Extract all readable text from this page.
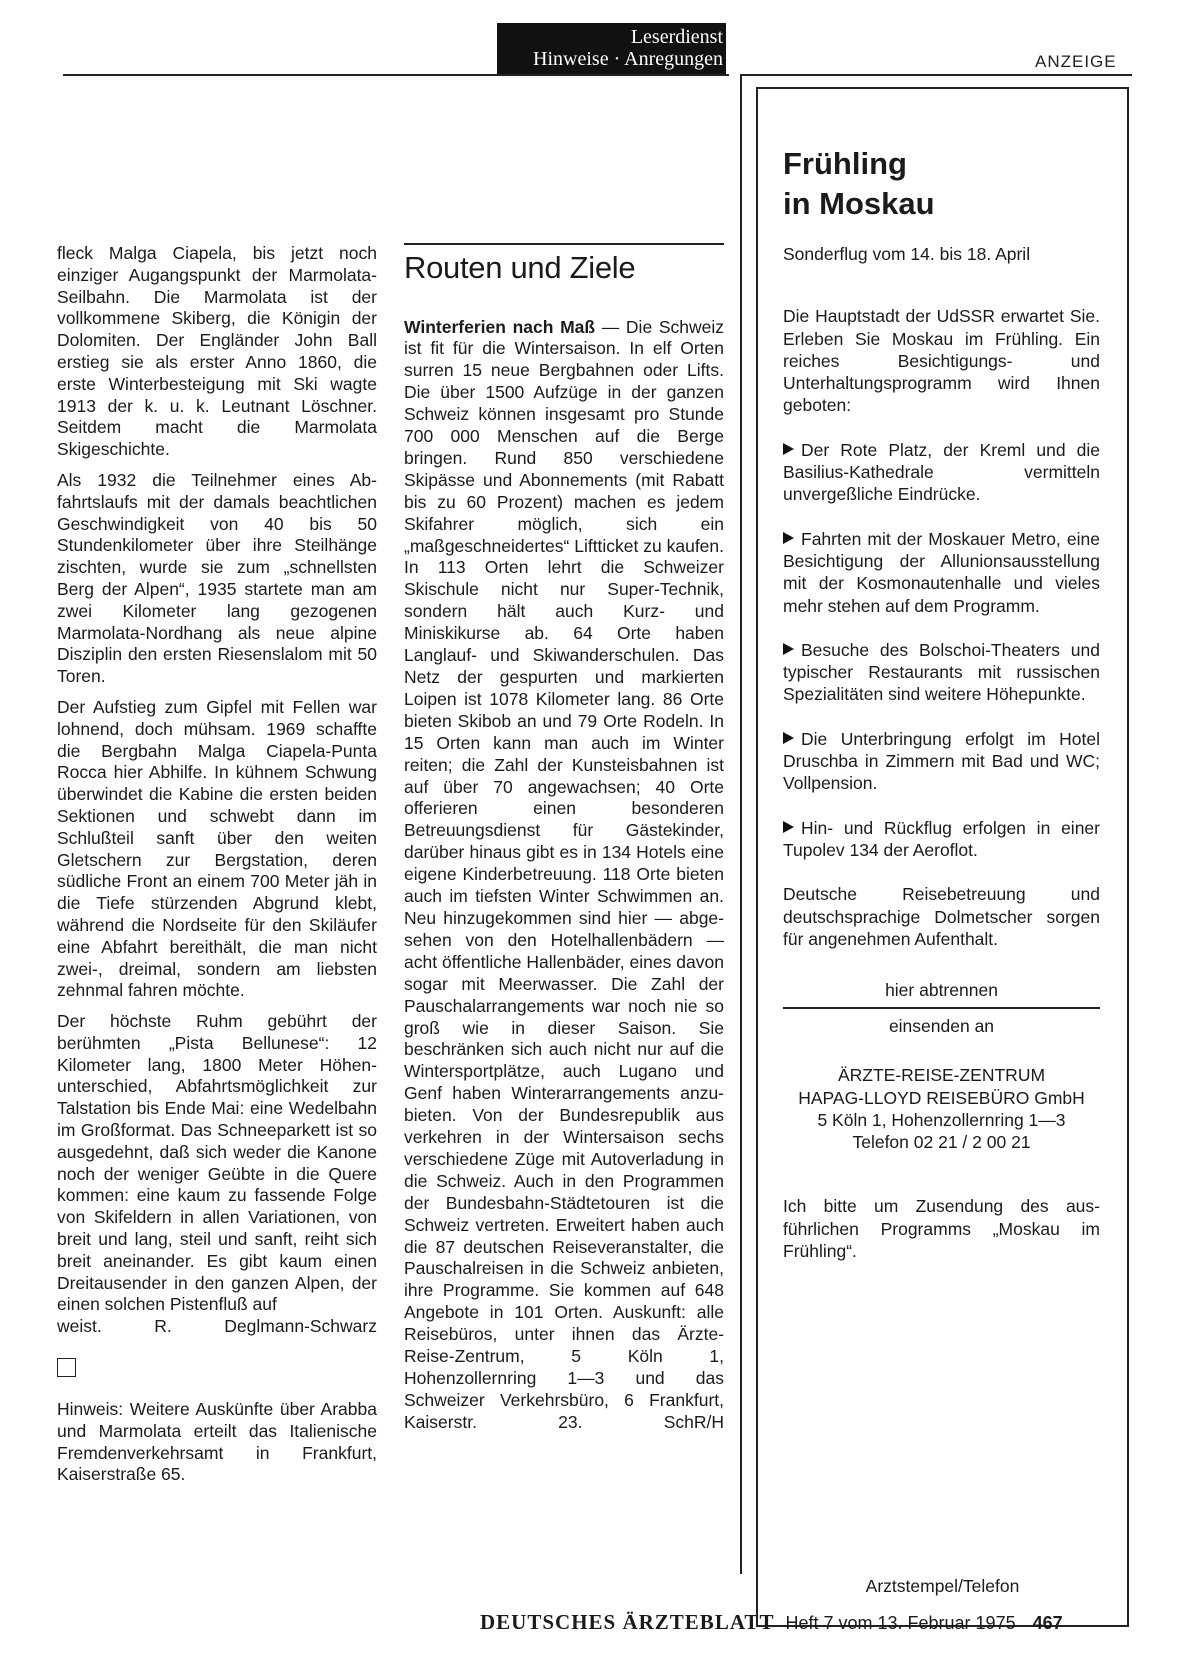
Leserdienst
Hinweise · Anregungen	ANZEIGE

fleck Malga Ciapela, bis jetzt noch einziger Augangspunkt der Marmolata-Seilbahn. Die Marmolata ist der vollkommene Skiberg, die Königin der Dolomiten. Der Engländer John Ball erstieg sie als erster Anno 1860, die erste Winterbesteigung mit Ski wagte 1913 der k. u. k. Leutnant Löschner. Seitdem macht die Marmolata Skigeschichte.

Als 1932 die Teilnehmer eines Abfahrtslaufs mit der damals beachtlichen Geschwindigkeit von 40 bis 50 Stundenkilometer über ihre Steilhänge zischten, wurde sie zum „schnellsten Berg der Alpen“, 1935 startete man am zwei Kilometer lang gezogenen Marmolata-Nordhang als neue alpine Disziplin den ersten Riesenslalom mit 50 Toren.

Der Aufstieg zum Gipfel mit Fellen war lohnend, doch mühsam. 1969 schaffte die Bergbahn Malga Ciapela-Punta Rocca hier Abhilfe. In kühnem Schwung überwindet die Kabine die ersten beiden Sektionen und schwebt dann im Schlußteil sanft über den weiten Gletschern zur Bergstation, deren südliche Front an einem 700 Meter jäh in die Tiefe stürzenden Abgrund klebt, während die Nordseite für den Skiläufer eine Abfahrt bereithält, die man nicht zwei-, dreimal, sondern am liebsten zehnmal fahren möchte.

Der höchste Ruhm gebührt der berühmten „Pista Bellunese“: 12 Kilometer lang, 1800 Meter Höhenunterschied, Abfahrtsmöglichkeit zur Talstation bis Ende Mai: eine Wedelbahn im Großformat. Das Schneeparkett ist so ausgedehnt, daß sich weder die Kanone noch der weniger Geübte in die Quere kommen: eine kaum zu fassende Folge von Skifeldern in allen Variationen, von breit und lang, steil und sanft, reiht sich breit aneinander. Es gibt kaum einen Dreitausender in den ganzen Alpen, der einen solchen Pistenfluß auf

weist.	R. Deglmann-Schwarz

Hinweis: Weitere Auskünfte über Arabba und Marmolata erteilt das Italienische Fremdenverkehrsamt in Frankfurt, Kaiserstraße 65.

Routen und Ziele

Winterferien nach Maß — Die Schweiz ist fit für die Wintersaison. In elf Orten surren 15 neue Bergbahnen oder Lifts. Die über 1500 Aufzüge in der ganzen Schweiz können insgesamt pro Stunde 700 000 Menschen auf die Berge bringen. Rund 850 verschiedene Skipässe und Abonnements (mit Rabatt bis zu 60 Prozent) machen es jedem Skifahrer möglich, sich ein „maßgeschneidertes“ Liftticket zu kaufen. In 113 Orten lehrt die Schweizer Skischule nicht nur Super-Technik, sondern hält auch Kurz- und Miniskikurse ab. 64 Orte haben Langlauf- und Skiwanderschulen. Das Netz der gespurten und markierten Loipen ist 1078 Kilometer lang. 86 Orte bieten Skibob an und 79 Orte Rodeln. In 15 Orten kann man auch im Winter reiten; die Zahl der Kunsteisbahnen ist auf über 70 angewachsen; 40 Orte offerieren einen besonderen Betreuungsdienst für Gästekinder, darüber hinaus gibt es in 134 Hotels eine eigene Kinderbetreuung. 118 Orte bieten auch im tiefsten Winter Schwimmen an. Neu hinzugekommen sind hier — abgesehen von den Hotelhallenbädern — acht öffentliche Hallenbäder, eines davon sogar mit Meerwasser. Die Zahl der Pauschalarrangements war noch nie so groß wie in dieser Saison. Sie beschränken sich auch nicht nur auf die Wintersportplätze, auch Lugano und Genf haben Winterarrangements anzubieten. Von der Bundesrepublik aus verkehren in der Wintersaison sechs verschiedene Züge mit Autoverladung in die Schweiz. Auch in den Programmen der Bundesbahn-Städtetouren ist die Schweiz vertreten. Erweitert haben auch die 87 deutschen Reiseveranstalter, die Pauschalreisen in die Schweiz anbieten, ihre Programme. Sie kommen auf 648 Angebote in 101 Orten. Auskunft: alle Reisebüros, unter ihnen das Ärzte-Reise-Zentrum, 5 Köln 1, Hohenzollernring 1—3 und das Schweizer Verkehrsbüro, 6 Frankfurt, Kaiserstr. 23. SchR/H

Frühling
in Moskau

Sonderflug vom 14. bis 18. April

Die Hauptstadt der UdSSR erwartet Sie. Erleben Sie Moskau im Frühling. Ein reiches Besichtigungs- und Unterhaltungsprogramm wird Ihnen geboten:

Der Rote Platz, der Kreml und die Basilius-Kathedrale vermitteln unvergeßliche Eindrücke.

Fahrten mit der Moskauer Metro, eine Besichtigung der Allunionsausstellung mit der Kosmonautenhalle und vieles mehr stehen auf dem Programm.

Besuche des Bolschoi-Theaters und typischer Restaurants mit russischen Spezialitäten sind weitere Höhepunkte.

Die Unterbringung erfolgt im Hotel Druschba in Zimmern mit Bad und WC; Vollpension.

Hin- und Rückflug erfolgen in einer Tupolev 134 der Aeroflot.

Deutsche Reisebetreuung und deutschsprachige Dolmetscher sorgen für angenehmen Aufenthalt.

hier abtrennen

einsenden an

ÄRZTE-REISE-ZENTRUM

HAPAG-LLOYD REISEBÜRO GmbH

5 Köln 1, Hohenzollernring 1—3

Telefon 02 21 / 2 00 21

Ich bitte um Zusendung des ausführlichen Programms „Moskau im Frühling“.

Arztstempel/Telefon
DEUTSCHES ÄRZTEBLATT Heft 7 vom 13. Februar 1975 467
